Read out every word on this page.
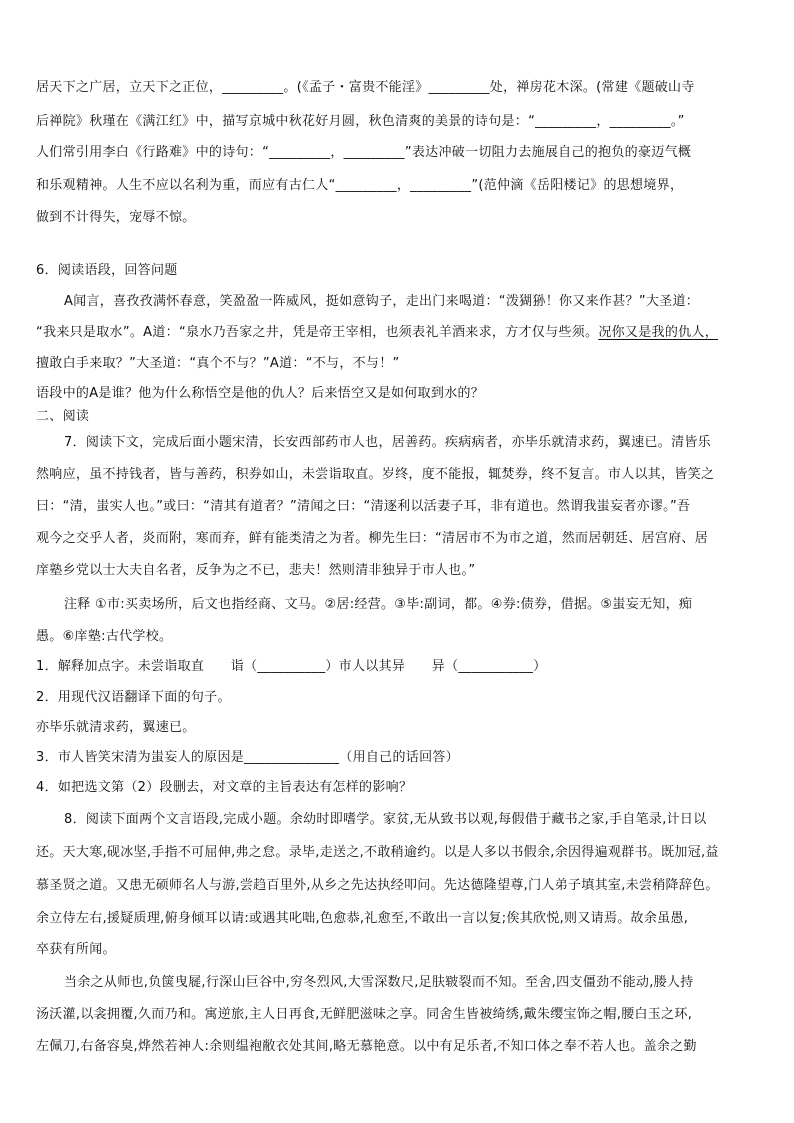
居天下之广居，立天下之正位，_________。(《孟子・富贵不能淫》_________处，禅房花木深。(常建《题破山寺
后禅院》秋瑾在《满江红》中，描写京城中秋花好月圆，秋色清爽的美景的诗句是：“_________，_________。”
人们常引用李白《行路难》中的诗句：“_________，_________”表达冲破一切阻力去施展自己的抱负的豪迈气概
和乐观精神。人生不应以名利为重，而应有古仁人“_________，_________”(范仲滴《岳阳楼记》的思想境界，
做到不计得失，宠辱不惊。
6．阅读语段，回答问题
A闻言，喜孜孜满怀春意，笑盈盈一阵威风，挺如意钩子，走出门来喝道：“泼猢狲！你又来作甚？”大圣道：
“我来只是取水”。A道：“泉水乃吾家之井，凭是帝王宰相，也须表礼羊酒来求，方才仅与些须。况你又是我的仇人，
擅敢白手来取？”大圣道：“真个不与？”A道：“不与，不与！”
语段中的A是谁？他为什么称悟空是他的仇人？后来悟空又是如何取到水的？
二、阅读
7．阅读下文，完成后面小题宋清，长安西部药市人也，居善药。疾病病者，亦毕乐就清求药，翼速已。清皆乐
然响应，虽不持钱者，皆与善药，积券如山，未尝诣取直。岁终，度不能报，辄焚券，终不复言。市人以其，皆笑之
曰：“清，蚩实人也。”或曰：“清其有道者？”清闻之曰：“清逐利以活妻子耳，非有道也。然谓我蚩妄者亦谬。”吾
观今之交乎人者，炎而附，寒而弃，鲜有能类清之为者。柳先生曰：“清居市不为市之道，然而居朝廷、居宫府、居
庠塾乡党以士大夫自名者，反争为之不已，悲夫！然则清非独异于市人也。”
注释 ①市:买卖场所，后文也指经商、文马。②居:经营。③毕:副词，都。④券:债券，借据。⑤蚩妄无知，痴
愚。⑥庠塾:古代学校。
1．解释加点字。未尝诣取直　　诣（__________）市人以其异　　异（___________）
2．用现代汉语翻译下面的句子。
亦毕乐就清求药，翼速已。
3．市人皆笑宋清为蚩妄人的原因是______________（用自己的话回答）
4．如把选文第（2）段删去，对文章的主旨表达有怎样的影响？
8．阅读下面两个文言语段,完成小题。余幼时即嗜学。家贫,无从致书以观,每假借于藏书之家,手自笔录,计日以
还。天大寒,砚冰坚,手指不可屈伸,弗之怠。录毕,走送之,不敢稍逾约。以是人多以书假余,余因得遍观群书。既加冠,益
慕圣贤之道。又患无硕师名人与游,尝趋百里外,从乡之先达执经叩问。先达德隆望尊,门人弟子填其室,未尝稍降辞色。
余立侍左右,援疑质理,俯身倾耳以请:或遇其叱咄,色愈恭,礼愈至,不敢出一言以复;俟其欣悦,则又请焉。故余虽愚,
卒获有所闻。
当余之从师也,负箧曳屣,行深山巨谷中,穷冬烈风,大雪深数尺,足肤皲裂而不知。至舍,四支僵劲不能动,媵人持
汤沃灌,以衾拥覆,久而乃和。寓逆旅,主人日再食,无鲜肥滋味之享。同舍生皆被绮绣,戴朱缨宝饰之帽,腰白玉之环,
左佩刀,右备容臭,烨然若神人:余则缊袍敝衣处其间,略无慕艳意。以中有足乐者,不知口体之奉不若人也。盖余之勤
